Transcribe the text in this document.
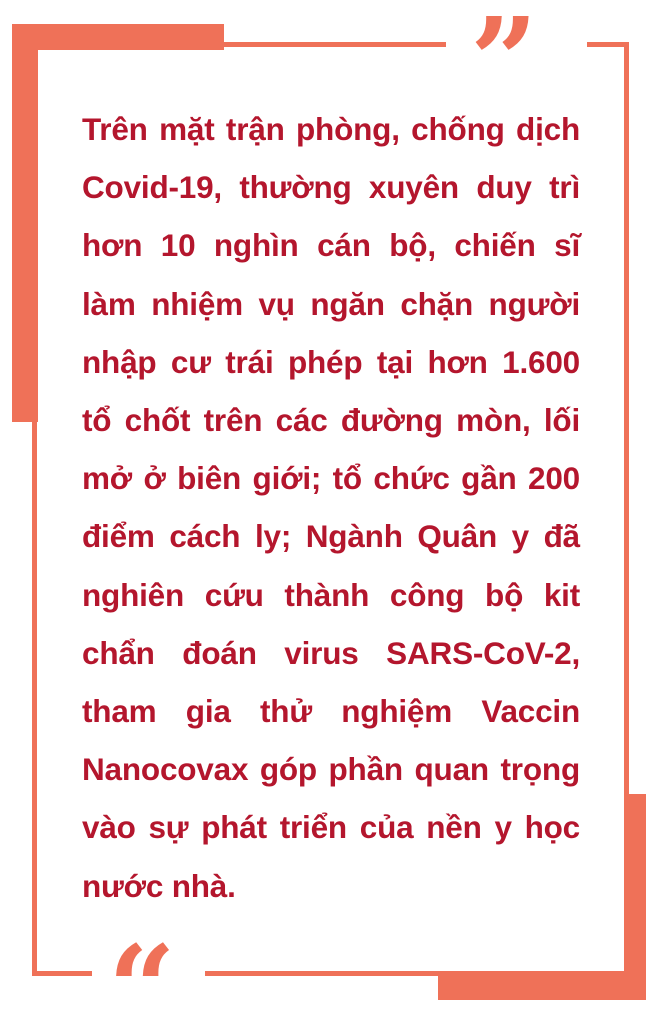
”

Trên mặt trận phòng, chống dịch Covid-19, thường xuyên duy trì hơn 10 nghìn cán bộ, chiến sĩ làm nhiệm vụ ngăn chặn người nhập cư trái phép tại hơn 1.600 tổ chốt trên các đường mòn, lối mở ở biên giới; tổ chức gần 200 điểm cách ly; Ngành Quân y đã nghiên cứu thành công bộ kit chẩn đoán virus SARS-CoV-2, tham gia thử nghiệm Vaccin Nanocovax góp phần quan trọng vào sự phát triển của nền y học nước nhà.

“
